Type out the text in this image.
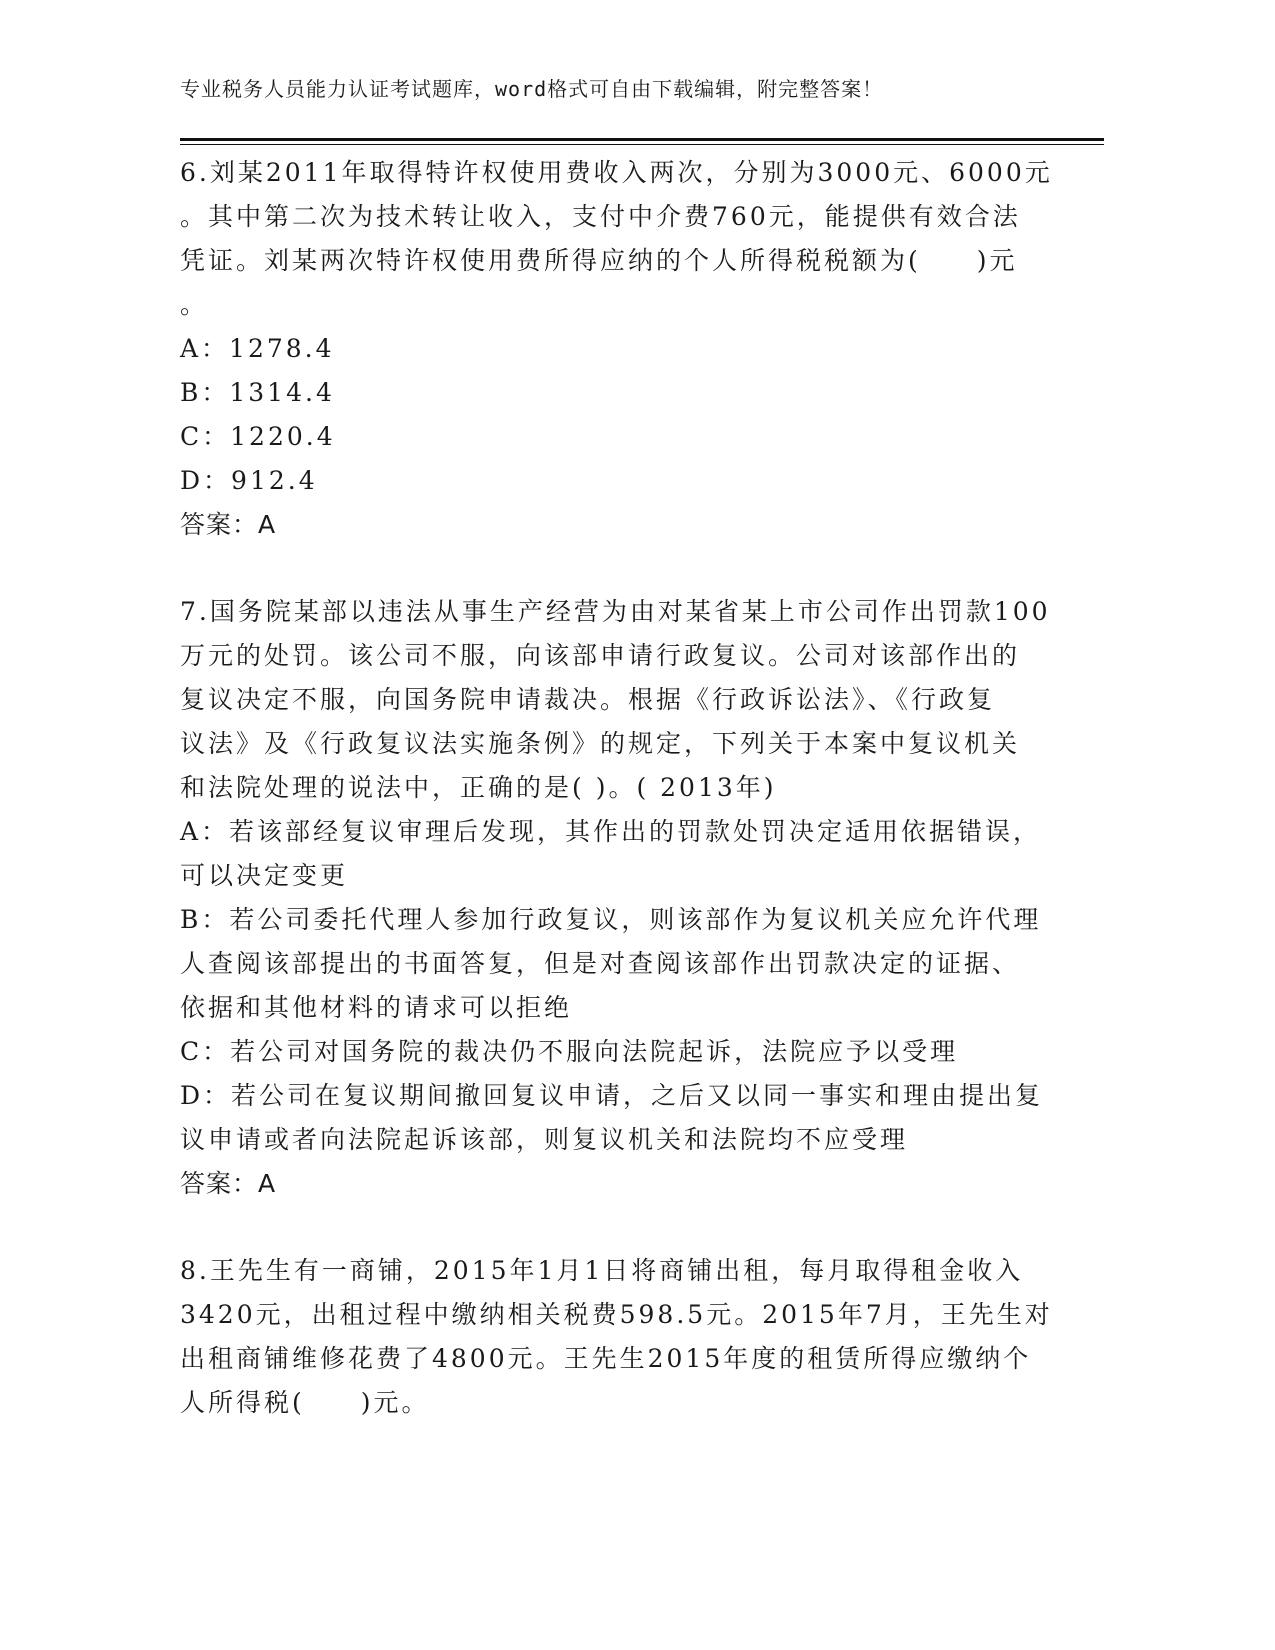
专业税务人员能力认证考试题库，word格式可自由下载编辑，附完整答案！
6.刘某2011年取得特许权使用费收入两次，分别为3000元、6000元
。其中第二次为技术转让收入，支付中介费760元，能提供有效合法
凭证。刘某两次特许权使用费所得应纳的个人所得税税额为(　　)元
。
A：1278.4
B：1314.4
C：1220.4
D：912.4
答案：A
7.国务院某部以违法从事生产经营为由对某省某上市公司作出罚款100
万元的处罚。该公司不服，向该部申请行政复议。公司对该部作出的
复议决定不服，向国务院申请裁决。根据《行政诉讼法》、《行政复
议法》及《行政复议法实施条例》的规定，下列关于本案中复议机关
和法院处理的说法中，正确的是( )。( 2013年)
A：若该部经复议审理后发现，其作出的罚款处罚决定适用依据错误，
可以决定变更
B：若公司委托代理人参加行政复议，则该部作为复议机关应允许代理
人查阅该部提出的书面答复，但是对查阅该部作出罚款决定的证据、
依据和其他材料的请求可以拒绝
C：若公司对国务院的裁决仍不服向法院起诉，法院应予以受理
D：若公司在复议期间撤回复议申请，之后又以同一事实和理由提出复
议申请或者向法院起诉该部，则复议机关和法院均不应受理
答案：A
8.王先生有一商铺，2015年1月1日将商铺出租，每月取得租金收入
3420元，出租过程中缴纳相关税费598.5元。2015年7月，王先生对
出租商铺维修花费了4800元。王先生2015年度的租赁所得应缴纳个
人所得税(　　)元。
